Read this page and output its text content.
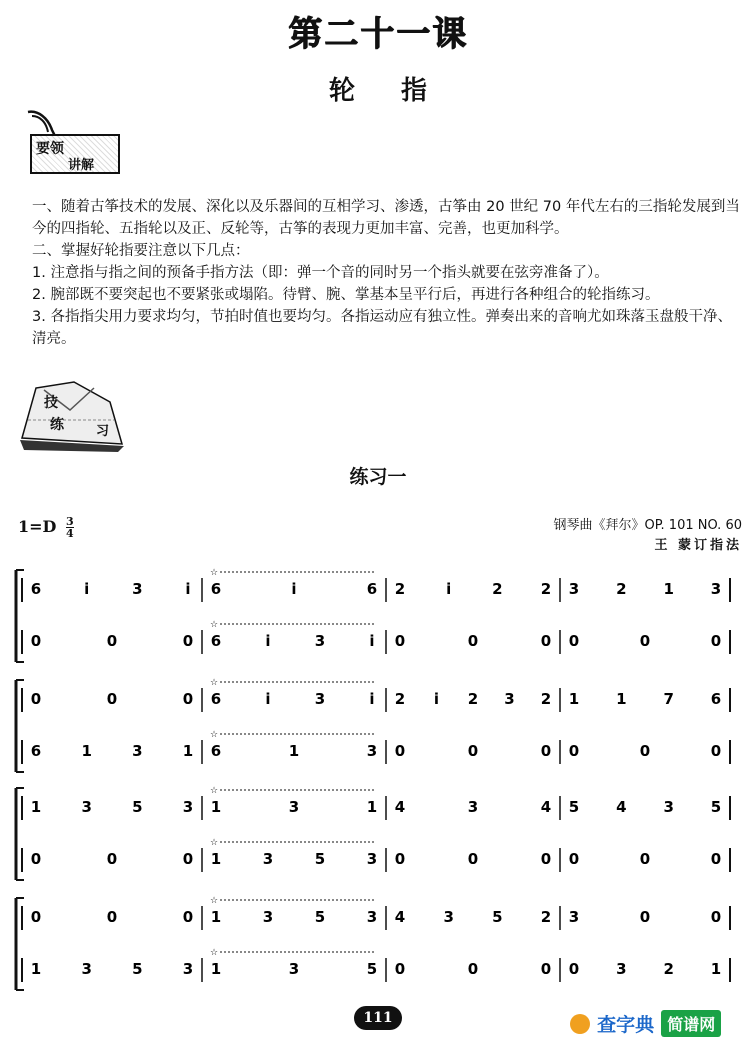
第二十一课
轮指
要领
讲解

一、随着古筝技术的发展、深化以及乐器间的互相学习、渗透，古筝由 20 世纪 70 年代左右的三指轮发展到当今的四指轮、五指轮以及正、反轮等，古筝的表现力更加丰富、完善，也更加科学。

二、掌握好轮指要注意以下几点：

1. 注意指与指之间的预备手指方法（即：弹一个音的同时另一个指头就要在弦旁准备了）。

2. 腕部既不要突起也不要紧张或塌陷。待臂、腕、掌基本呈平行后，再进行各种组合的轮指练习。

3. 各指指尖用力要求均匀，节拍时值也要均匀。各指运动应有独立性。弹奏出来的音响尤如珠落玉盘般干净、清亮。

技
练 习
练习一
$1=D \frac{3}{4}$	钢琴曲《拜尔》OP. 101 NO. 60
王 蒙订指法
6	i	3	i 6	i	6 2	i	2	2 3 2 1 3
☆
0	0	0 6	i	3	i 0	0	0 0	0	0
☆
0	0	0 6	i	3	i 2 i 2 3 2 1 1 7 6
☆
6	1	3	1 6	1	3 0	0	0 0	0	0
☆
1	3	5	3 1	3	1 4	3	4 5 4 3 5
☆
0	0	0 1	3	5	3 0	0	0 0	0	0
☆
0	0	0 1	3	5	3 4	3	5	2 3	0	0
☆
1	3	5	3 1	3	5 0	0	0 0 3 2 1
☆
111	查字典 简谱网
